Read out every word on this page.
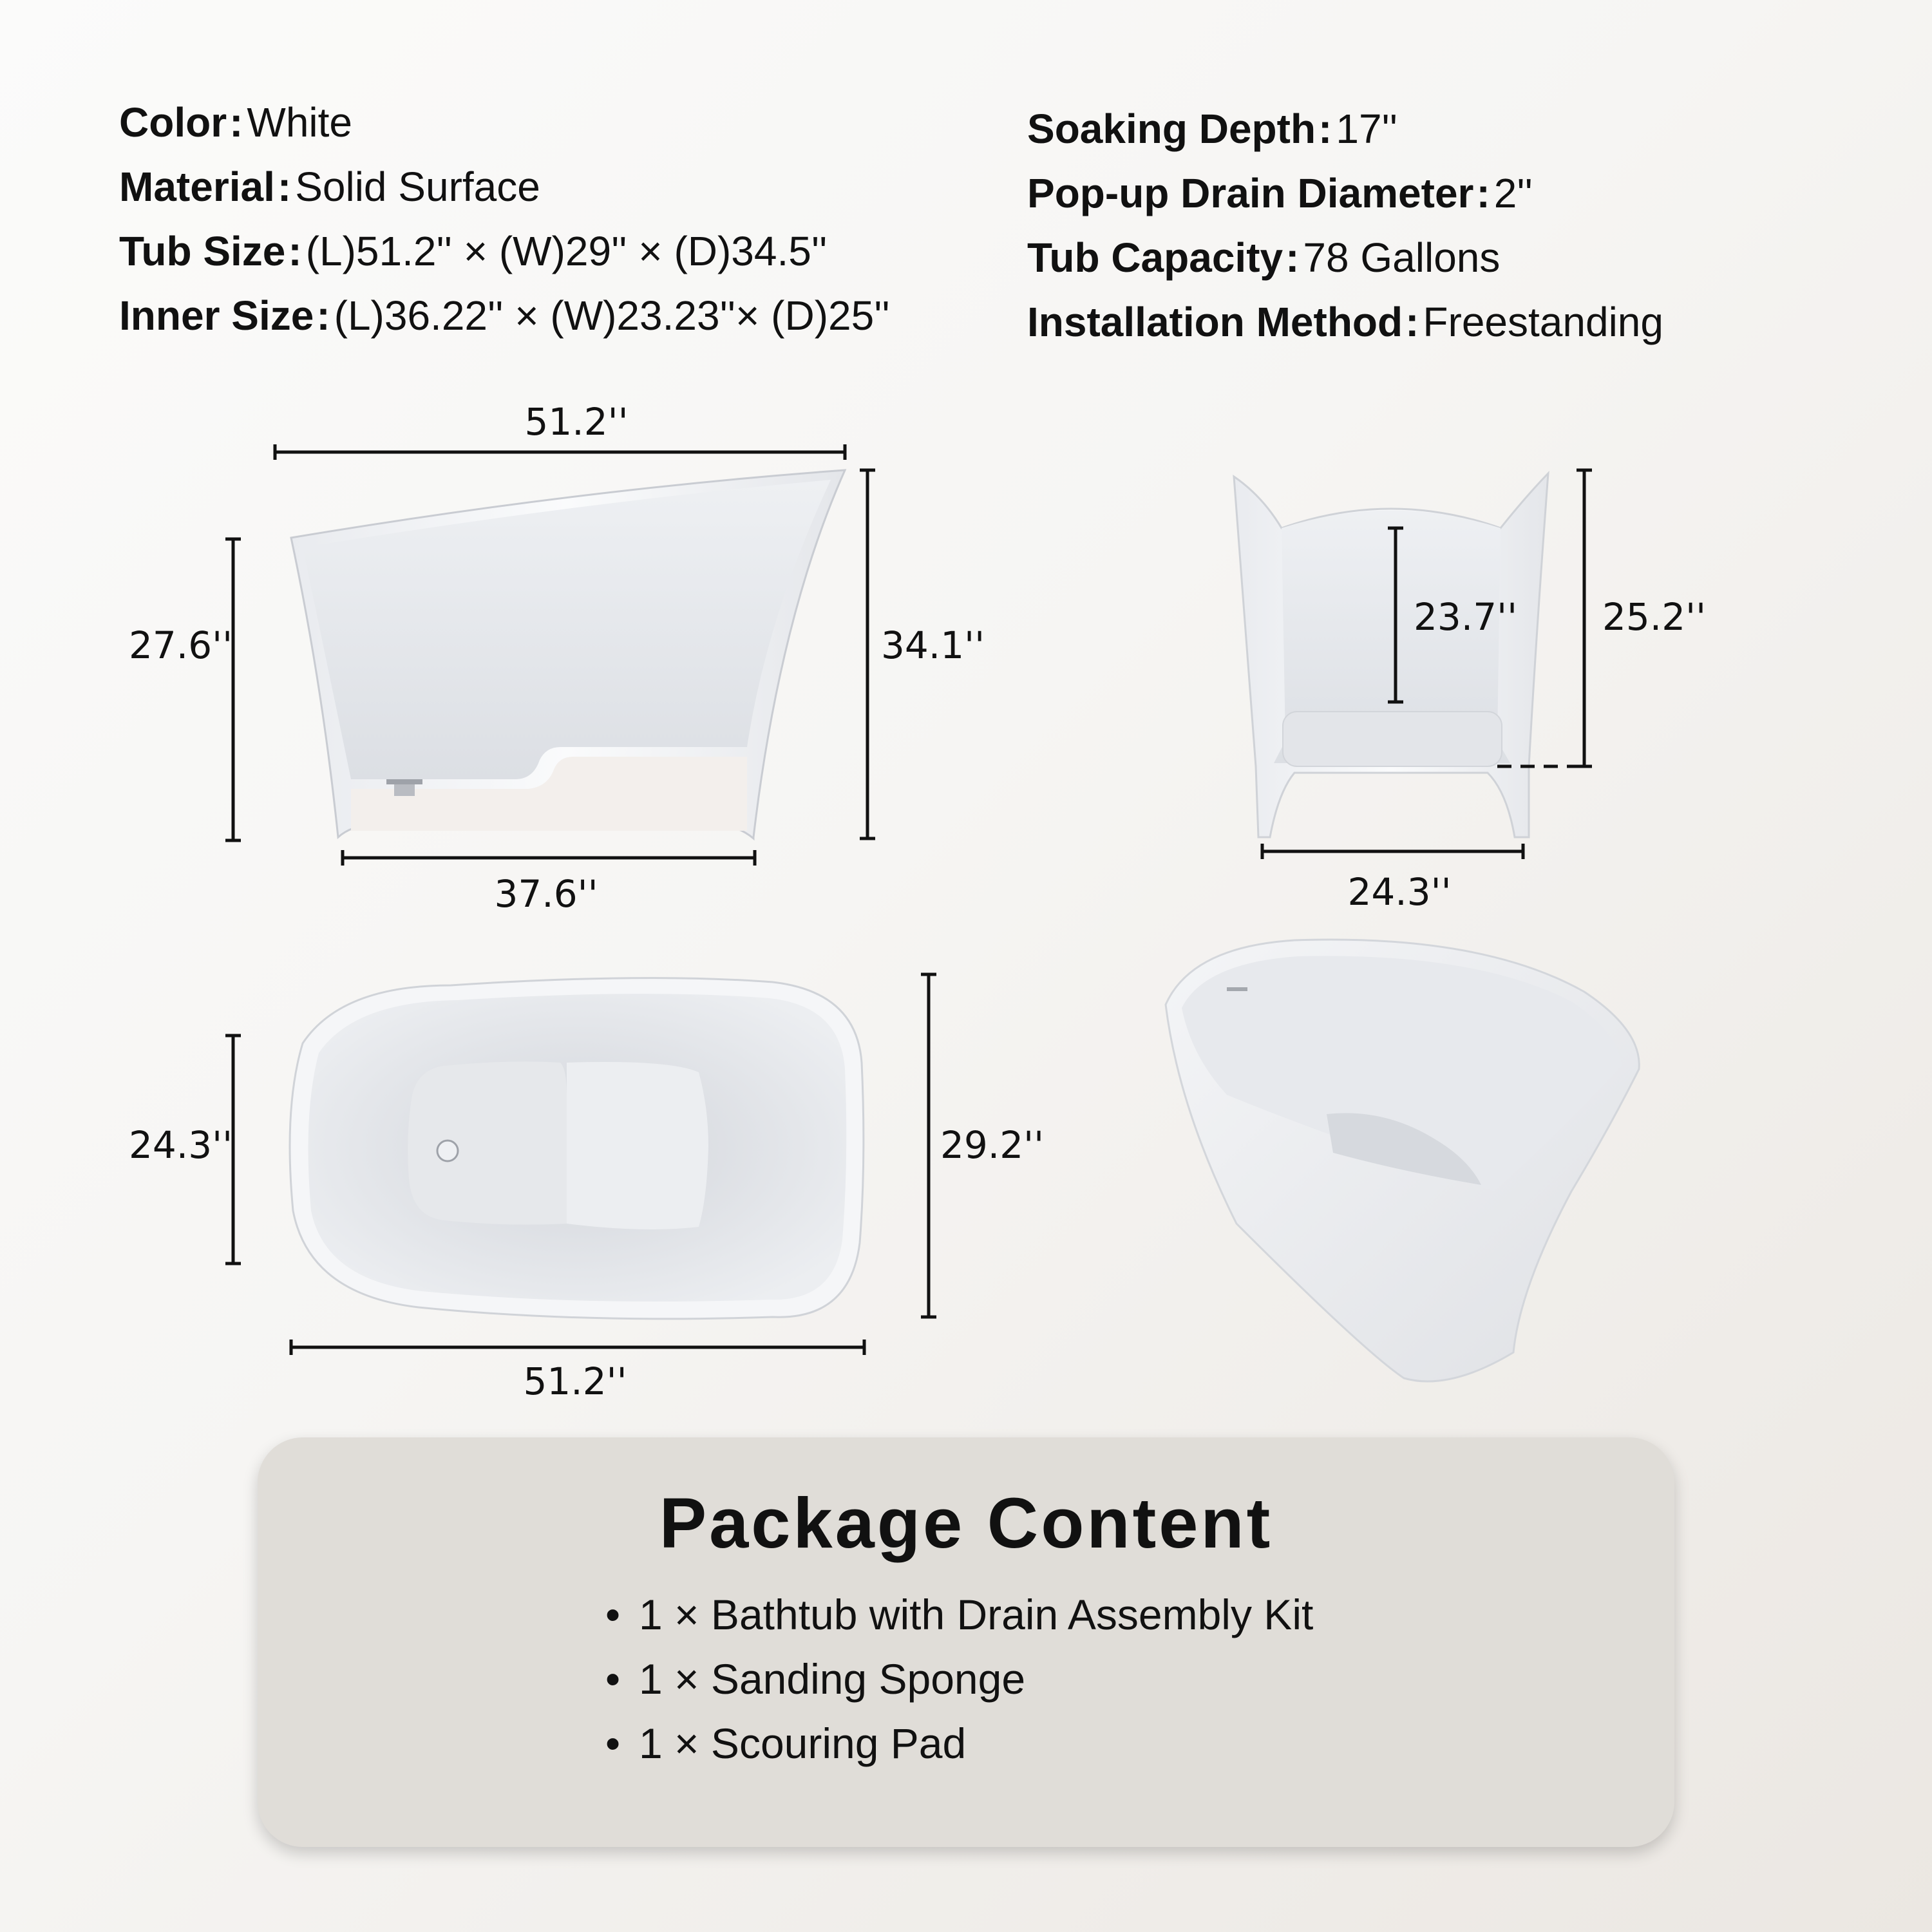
Color:White
Material:Solid Surface
Tub Size:(L)51.2'' × (W)29'' × (D)34.5''
Inner Size:(L)36.22'' × (W)23.23''× (D)25''
Soaking Depth:17''
Pop-up Drain Diameter:2''
Tub Capacity:78 Gallons
Installation Method:Freestanding
51.2''
37.6''
27.6''	34.1''
23.7'' 25.2''
24.3''
24.3''	29.2''
51.2''
Package Content
• 1 × Bathtub with Drain Assembly Kit
• 1 × Sanding Sponge
• 1 × Scouring Pad
